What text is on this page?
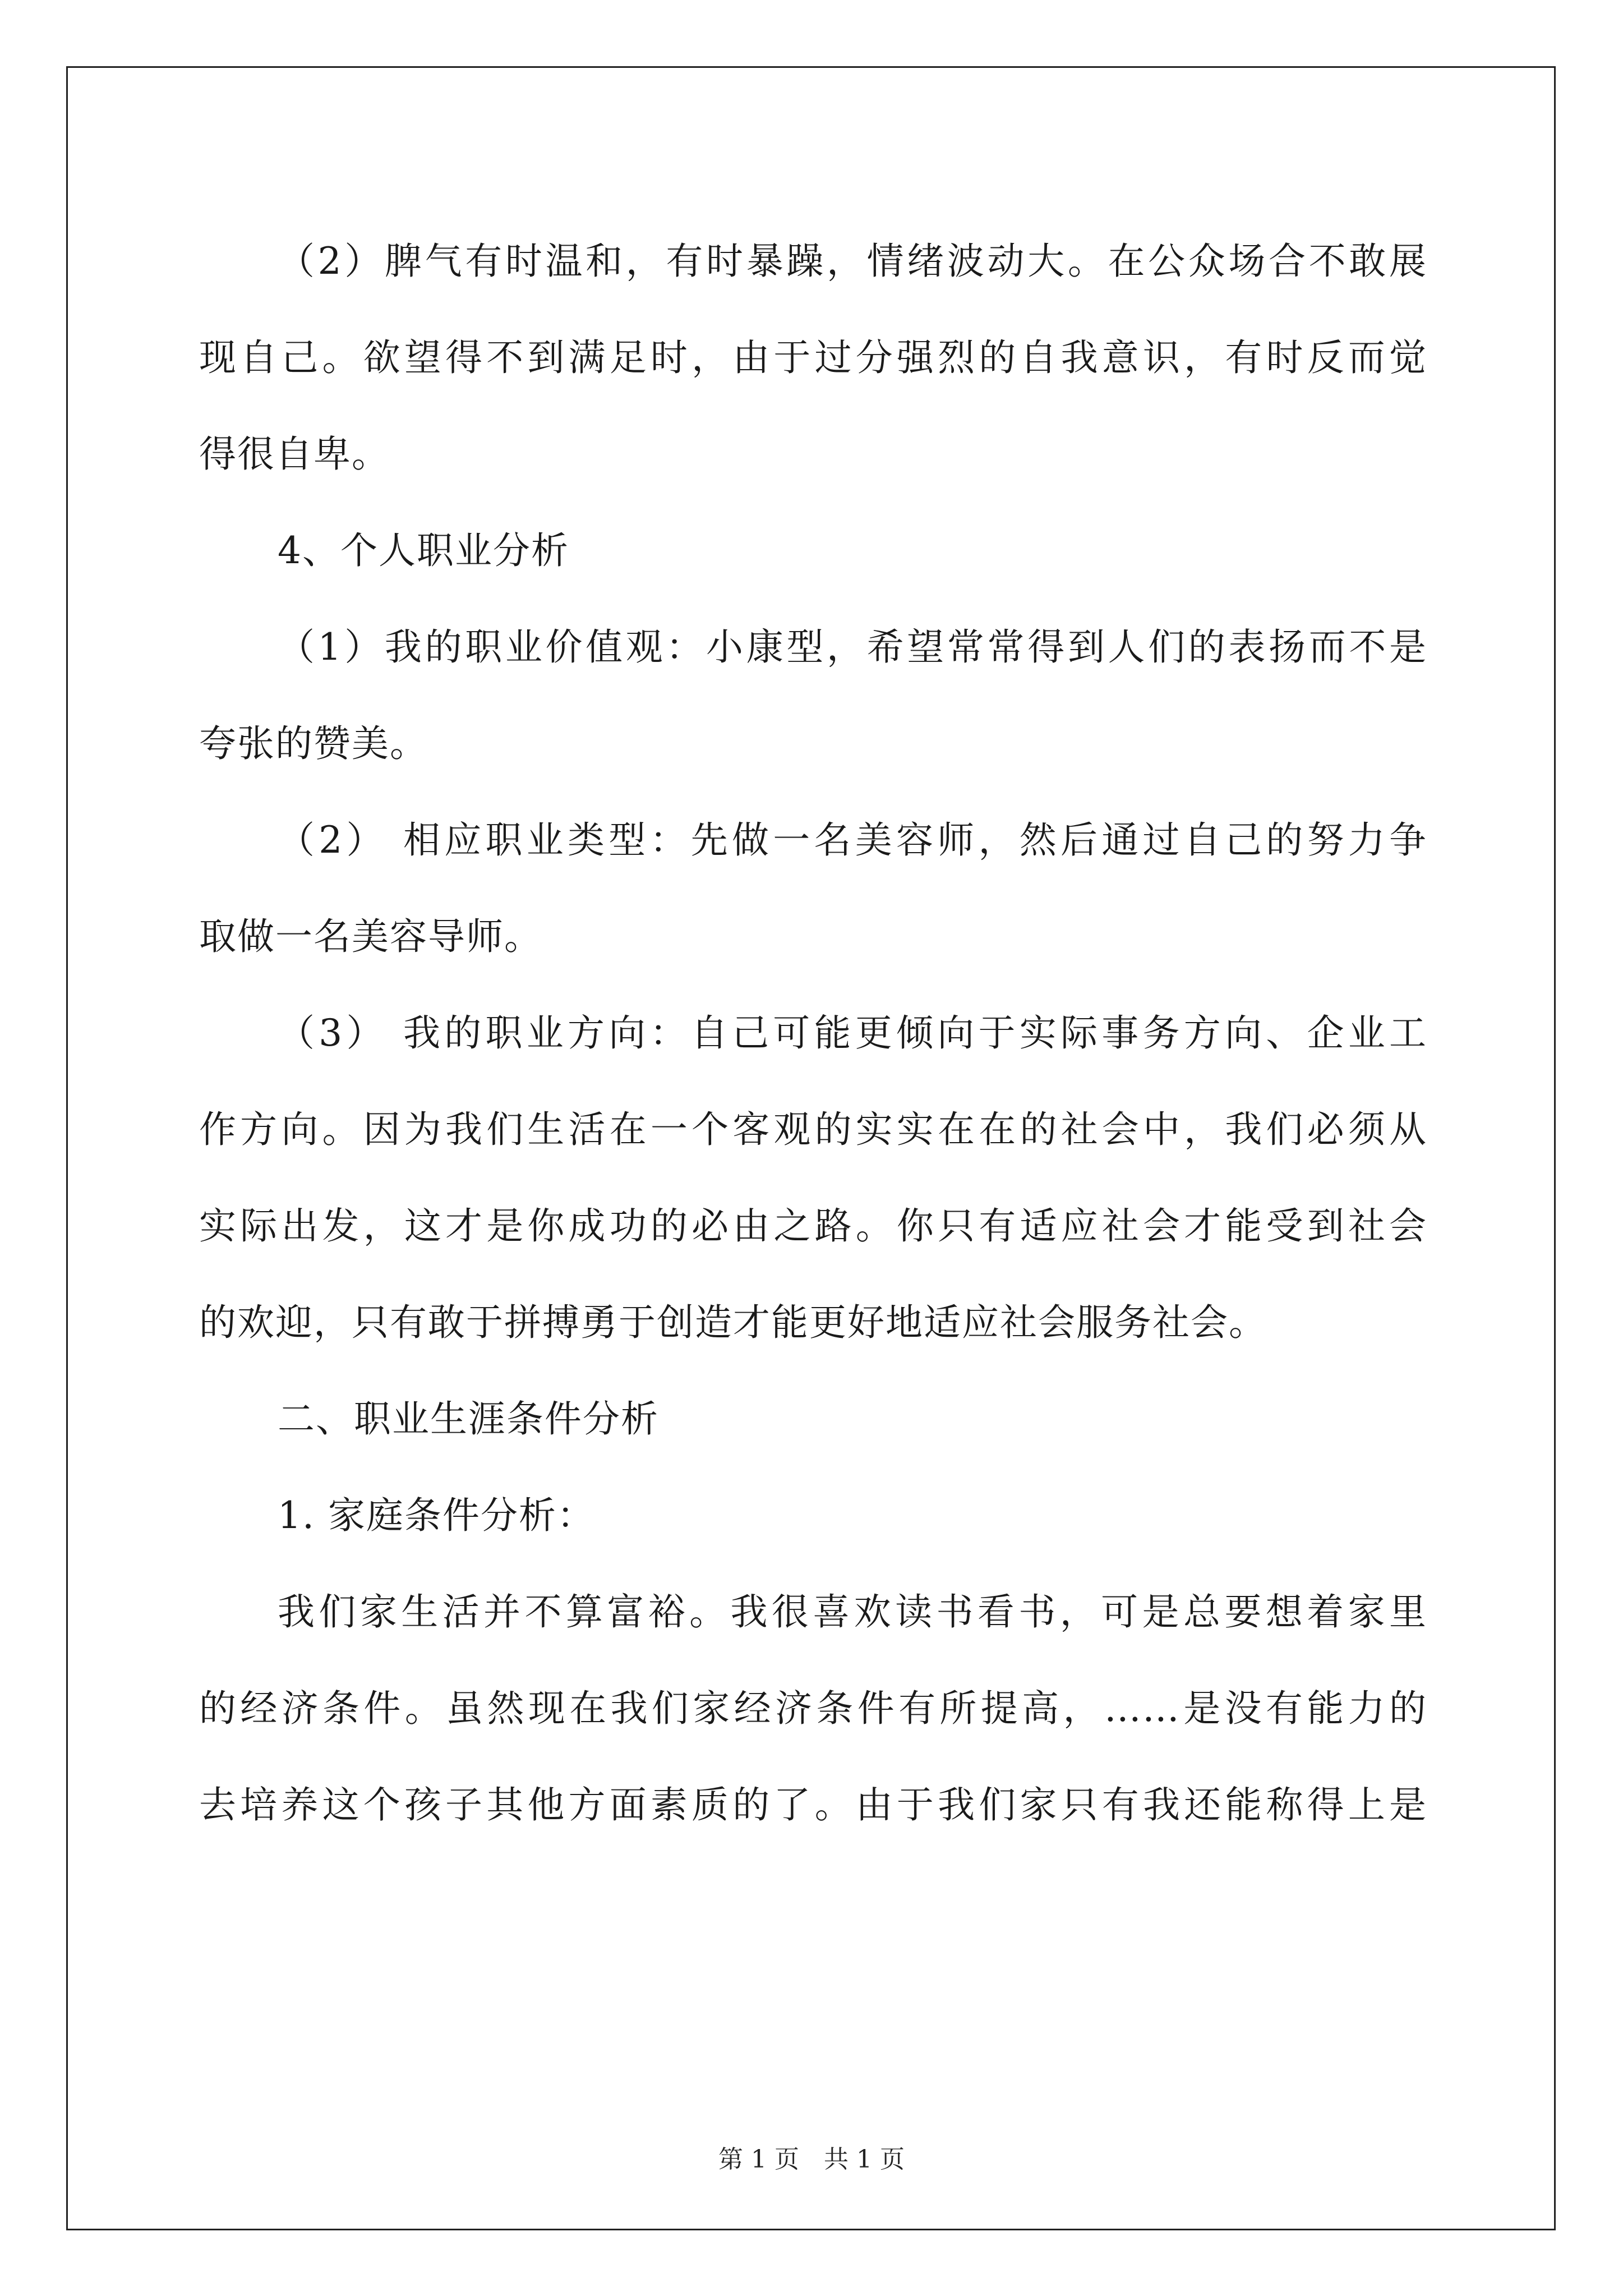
（2）脾气有时温和，有时暴躁，情绪波动大。在公众场合不敢展
现自己。欲望得不到满足时，由于过分强烈的自我意识，有时反而觉
得很自卑。
4、个人职业分析
（1）我的职业价值观：小康型，希望常常得到人们的表扬而不是
夸张的赞美。
（2） 相应职业类型：先做一名美容师，然后通过自己的努力争
取做一名美容导师。
（3） 我的职业方向：自己可能更倾向于实际事务方向、企业工
作方向。因为我们生活在一个客观的实实在在的社会中，我们必须从
实际出发，这才是你成功的必由之路。你只有适应社会才能受到社会
的欢迎，只有敢于拼搏勇于创造才能更好地适应社会服务社会。
二、职业生涯条件分析
1. 家庭条件分析：
我们家生活并不算富裕。我很喜欢读书看书，可是总要想着家里
的经济条件。虽然现在我们家经济条件有所提高，……是没有能力的
去培养这个孩子其他方面素质的了。由于我们家只有我还能称得上是
第 1 页　共 1 页
